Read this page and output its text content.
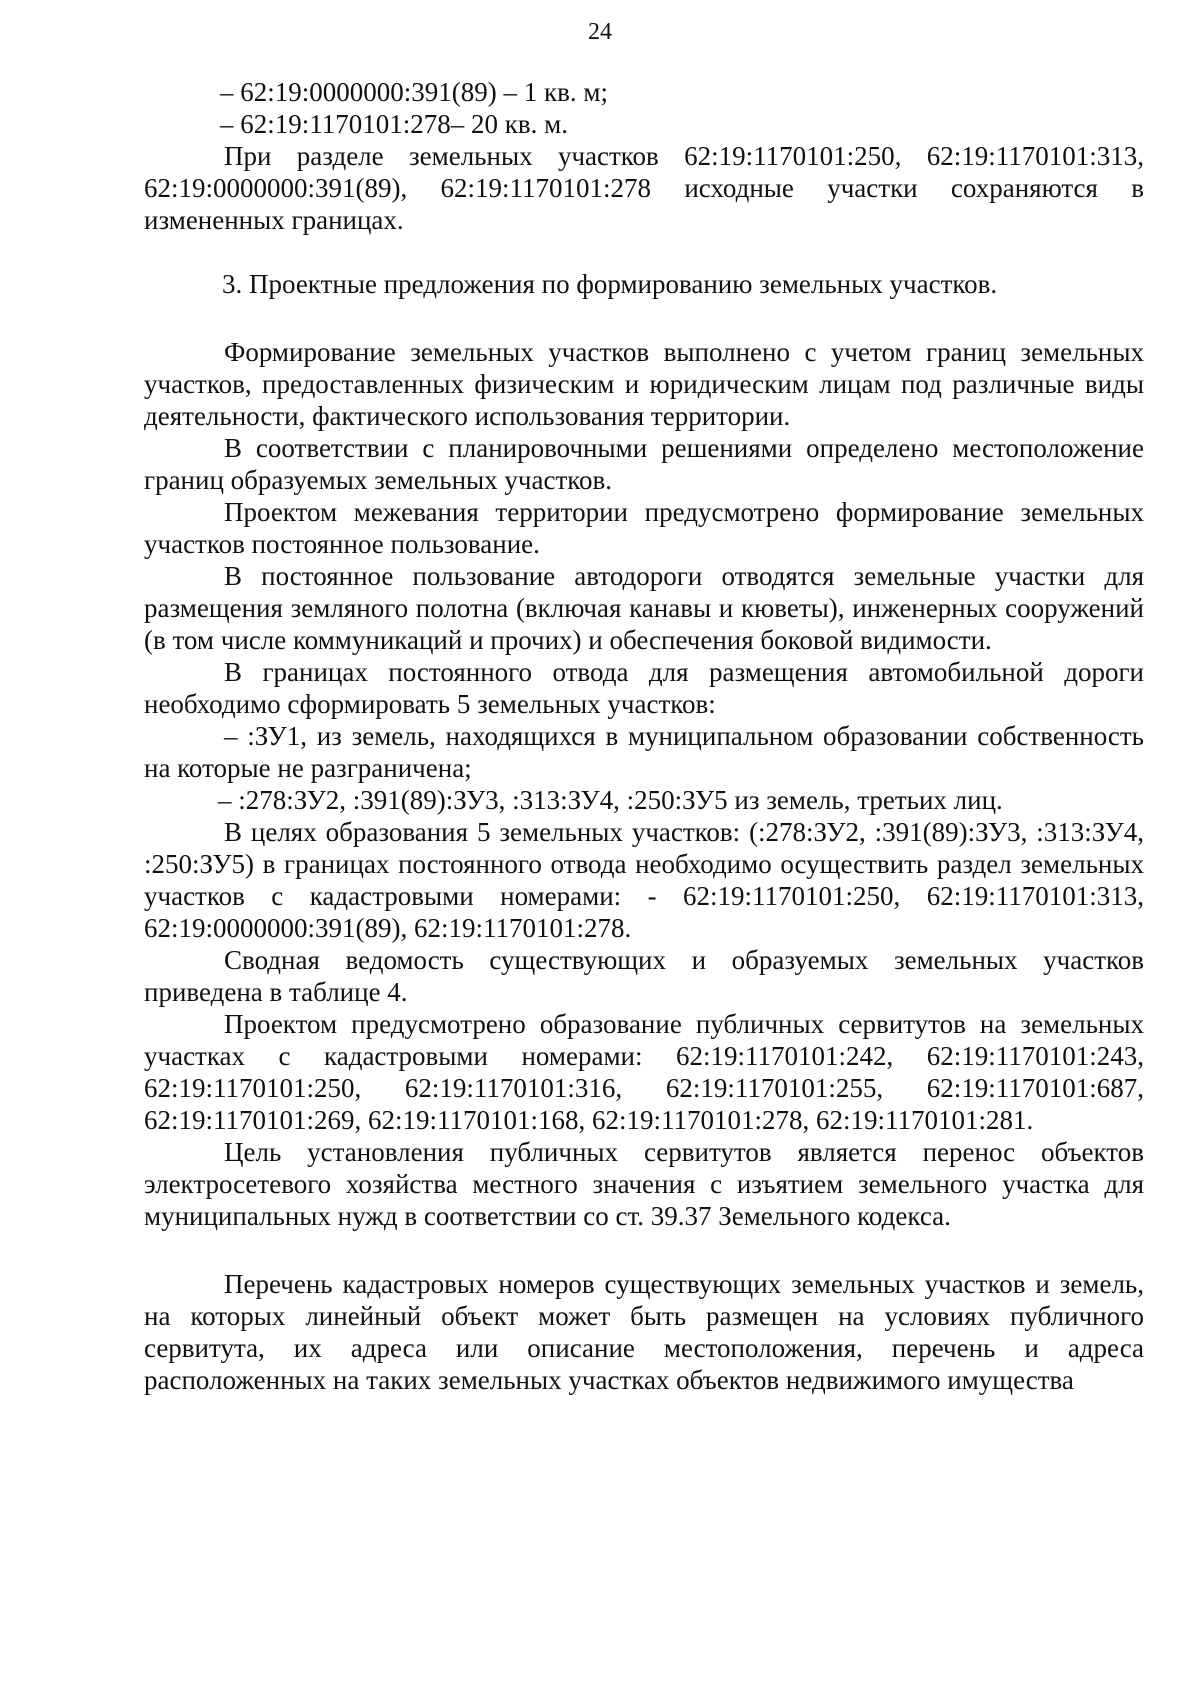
24

– 62:19:0000000:391(89) – 1 кв. м;

– 62:19:1170101:278– 20 кв. м.

При разделе земельных участков 62:19:1170101:250, 62:19:1170101:313, 62:19:0000000:391(89), 62:19:1170101:278 исходные участки сохраняются в измененных границах.

3. Проектные предложения по формированию земельных участков.

Формирование земельных участков выполнено с учетом границ земельных участков, предоставленных физическим и юридическим лицам под различные виды деятельности, фактического использования территории.

В соответствии с планировочными решениями определено местоположение границ образуемых земельных участков.

Проектом межевания территории предусмотрено формирование земельных участков постоянное пользование.

В постоянное пользование автодороги отводятся земельные участки для размещения земляного полотна (включая канавы и кюветы), инженерных сооружений (в том числе коммуникаций и прочих) и обеспечения боковой видимости.

В границах постоянного отвода для размещения автомобильной дороги необходимо сформировать 5 земельных участков:

– :ЗУ1, из земель, находящихся в муниципальном образовании собственность на которые не разграничена;

– :278:ЗУ2, :391(89):ЗУ3, :313:ЗУ4, :250:ЗУ5 из земель, третьих лиц.

В целях образования 5 земельных участков: (:278:ЗУ2, :391(89):ЗУ3, :313:ЗУ4, :250:ЗУ5) в границах постоянного отвода необходимо осуществить раздел земельных участков с кадастровыми номерами: - 62:19:1170101:250, 62:19:1170101:313, 62:19:0000000:391(89), 62:19:1170101:278.

Сводная ведомость существующих и образуемых земельных участков приведена в таблице 4.

Проектом предусмотрено образование публичных сервитутов на земельных участках с кадастровыми номерами: 62:19:1170101:242, 62:19:1170101:243, 62:19:1170101:250, 62:19:1170101:316, 62:19:1170101:255, 62:19:1170101:687, 62:19:1170101:269, 62:19:1170101:168, 62:19:1170101:278, 62:19:1170101:281.

Цель установления публичных сервитутов является перенос объектов электросетевого хозяйства местного значения с изъятием земельного участка для муниципальных нужд в соответствии со ст. 39.37 Земельного кодекса.

Перечень кадастровых номеров существующих земельных участков и земель, на которых линейный объект может быть размещен на условиях публичного сервитута, их адреса или описание местоположения, перечень и адреса расположенных на таких земельных участках объектов недвижимого имущества
